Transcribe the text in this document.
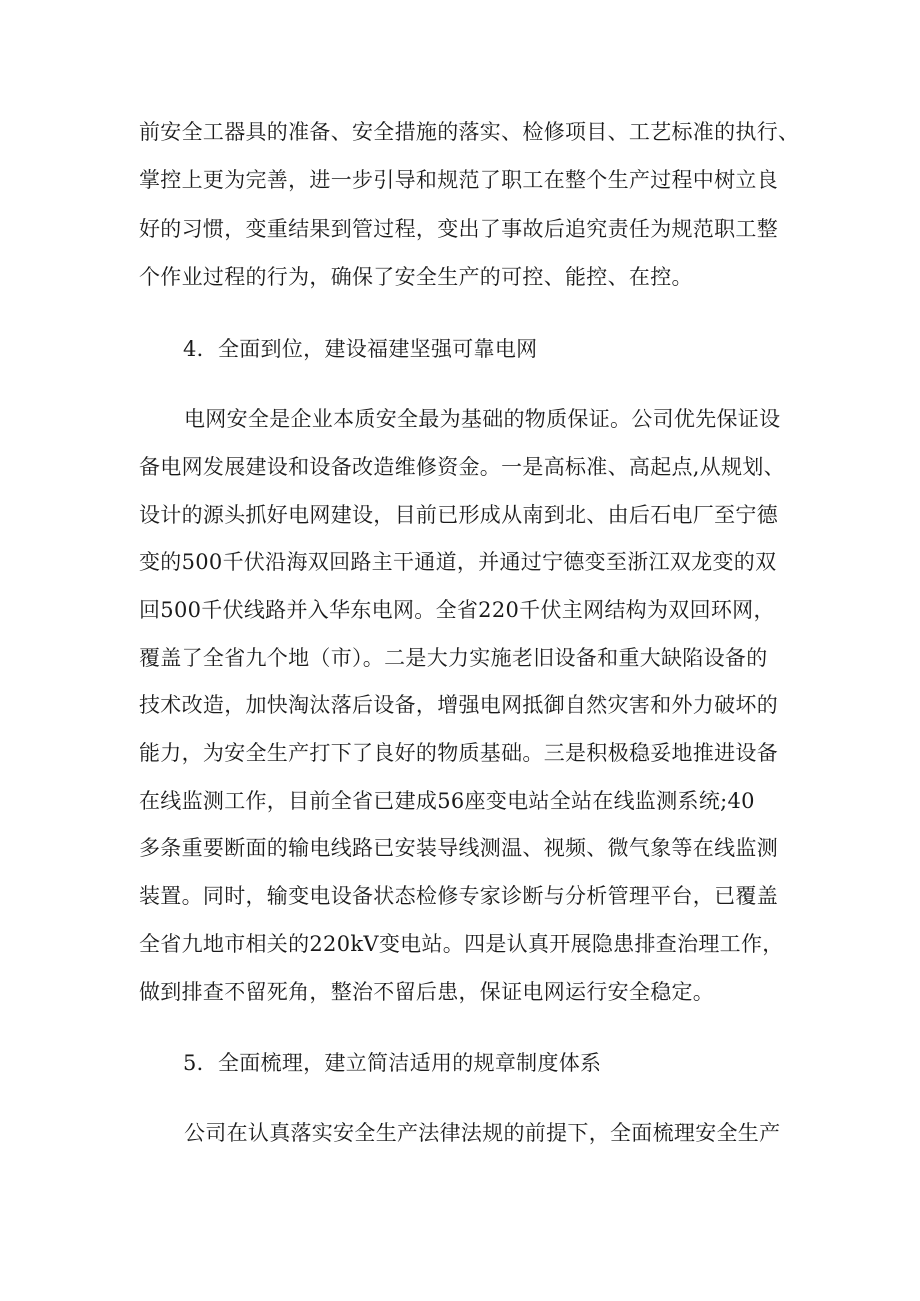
前安全工器具的准备、安全措施的落实、检修项目、工艺标准的执行、
掌控上更为完善，进一步引导和规范了职工在整个生产过程中树立良
好的习惯，变重结果到管过程，变出了事故后追究责任为规范职工整
个作业过程的行为，确保了安全生产的可控、能控、在控。
4．全面到位，建设福建坚强可靠电网
电网安全是企业本质安全最为基础的物质保证。公司优先保证设
备电网发展建设和设备改造维修资金。一是高标准、高起点,从规划、
设计的源头抓好电网建设，目前已形成从南到北、由后石电厂至宁德
变的500千伏沿海双回路主干通道，并通过宁德变至浙江双龙变的双
回500千伏线路并入华东电网。全省220千伏主网结构为双回环网，
覆盖了全省九个地（市）。二是大力实施老旧设备和重大缺陷设备的
技术改造，加快淘汰落后设备，增强电网抵御自然灾害和外力破坏的
能力，为安全生产打下了良好的物质基础。三是积极稳妥地推进设备
在线监测工作，目前全省已建成56座变电站全站在线监测系统;40
多条重要断面的输电线路已安装导线测温、视频、微气象等在线监测
装置。同时，输变电设备状态检修专家诊断与分析管理平台，已覆盖
全省九地市相关的220kV变电站。四是认真开展隐患排查治理工作，
做到排查不留死角，整治不留后患，保证电网运行安全稳定。
5．全面梳理，建立简洁适用的规章制度体系
公司在认真落实安全生产法律法规的前提下，全面梳理安全生产
